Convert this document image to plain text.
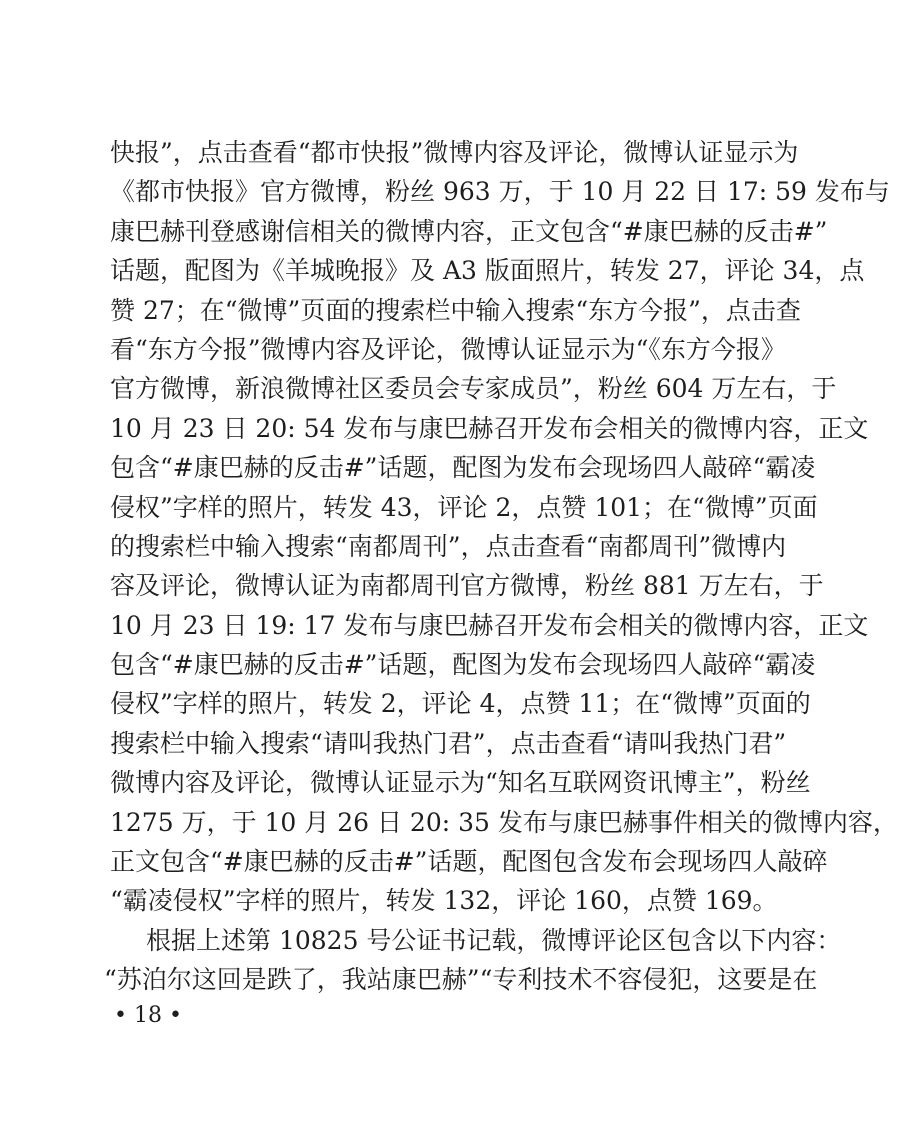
快报”，点击查看“都市快报”微博内容及评论，微博认证显示为
《都市快报》官方微博，粉丝 963 万，于 10 月 22 日 17: 59 发布与
康巴赫刊登感谢信相关的微博内容，正文包含“#康巴赫的反击#”
话题，配图为《羊城晚报》及 A3 版面照片，转发 27，评论 34，点
赞 27；在“微博”页面的搜索栏中输入搜索“东方今报”，点击查
看“东方今报”微博内容及评论，微博认证显示为“《东方今报》
官方微博，新浪微博社区委员会专家成员”，粉丝 604 万左右，于
10 月 23 日 20: 54 发布与康巴赫召开发布会相关的微博内容，正文
包含“#康巴赫的反击#”话题，配图为发布会现场四人敲碎“霸凌
侵权”字样的照片，转发 43，评论 2，点赞 101；在“微博”页面
的搜索栏中输入搜索“南都周刊”，点击查看“南都周刊”微博内
容及评论，微博认证为南都周刊官方微博，粉丝 881 万左右，于
10 月 23 日 19: 17 发布与康巴赫召开发布会相关的微博内容，正文
包含“#康巴赫的反击#”话题，配图为发布会现场四人敲碎“霸凌
侵权”字样的照片，转发 2，评论 4，点赞 11；在“微博”页面的
搜索栏中输入搜索“请叫我热门君”，点击查看“请叫我热门君”
微博内容及评论，微博认证显示为“知名互联网资讯博主”，粉丝
1275 万，于 10 月 26 日 20: 35 发布与康巴赫事件相关的微博内容，
正文包含“#康巴赫的反击#”话题，配图包含发布会现场四人敲碎
“霸凌侵权”字样的照片，转发 132，评论 160，点赞 169。
根据上述第 10825 号公证书记载，微博评论区包含以下内容：
“苏泊尔这回是跌了，我站康巴赫”“专利技术不容侵犯，这要是在
• 18 •
